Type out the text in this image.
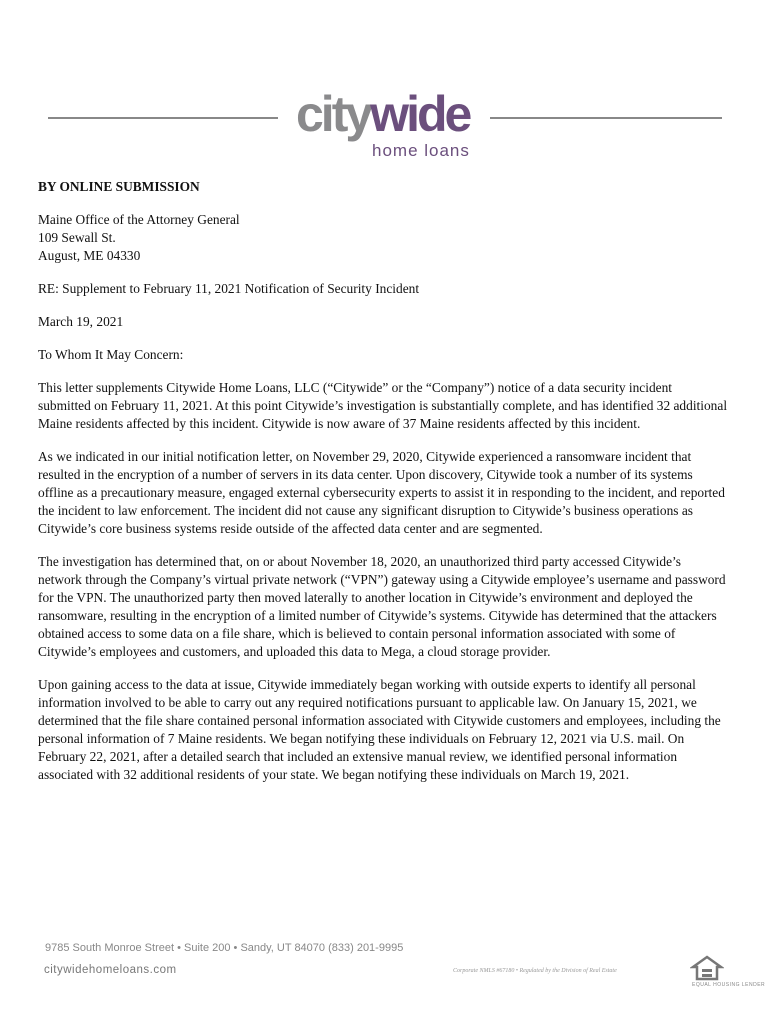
citywide
home loans

BY ONLINE SUBMISSION

Maine Office of the Attorney General
109 Sewall St.
August, ME 04330

RE: Supplement to February 11, 2021 Notification of Security Incident

March 19, 2021

To Whom It May Concern:

This letter supplements Citywide Home Loans, LLC (“Citywide” or the “Company”) notice of a data security incident submitted on February 11, 2021. At this point Citywide’s investigation is substantially complete, and has identified 32 additional Maine residents affected by this incident. Citywide is now aware of 37 Maine residents affected by this incident.

As we indicated in our initial notification letter, on November 29, 2020, Citywide experienced a ransomware incident that resulted in the encryption of a number of servers in its data center. Upon discovery, Citywide took a number of its systems offline as a precautionary measure, engaged external cybersecurity experts to assist it in responding to the incident, and reported the incident to law enforcement. The incident did not cause any significant disruption to Citywide’s business operations as Citywide’s core business systems reside outside of the affected data center and are segmented.

The investigation has determined that, on or about November 18, 2020, an unauthorized third party accessed Citywide’s network through the Company’s virtual private network (“VPN”) gateway using a Citywide employee’s username and password for the VPN. The unauthorized party then moved laterally to another location in Citywide’s environment and deployed the ransomware, resulting in the encryption of a limited number of Citywide’s systems. Citywide has determined that the attackers obtained access to some data on a file share, which is believed to contain personal information associated with some of Citywide’s employees and customers, and uploaded this data to Mega, a cloud storage provider.

Upon gaining access to the data at issue, Citywide immediately began working with outside experts to identify all personal information involved to be able to carry out any required notifications pursuant to applicable law. On January 15, 2021, we determined that the file share contained personal information associated with Citywide customers and employees, including the personal information of 7 Maine residents. We began notifying these individuals on February 12, 2021 via U.S. mail. On February 22, 2021, after a detailed search that included an extensive manual review, we identified personal information associated with 32 additional residents of your state. We began notifying these individuals on March 19, 2021.

9785 South Monroe Street • Suite 200 • Sandy, UT 84070 (833) 201-9995
citywidehomeloans.com	Corporate NMLS #67180 • Regulated by the Division of Real Estate
EQUAL HOUSING LENDER
